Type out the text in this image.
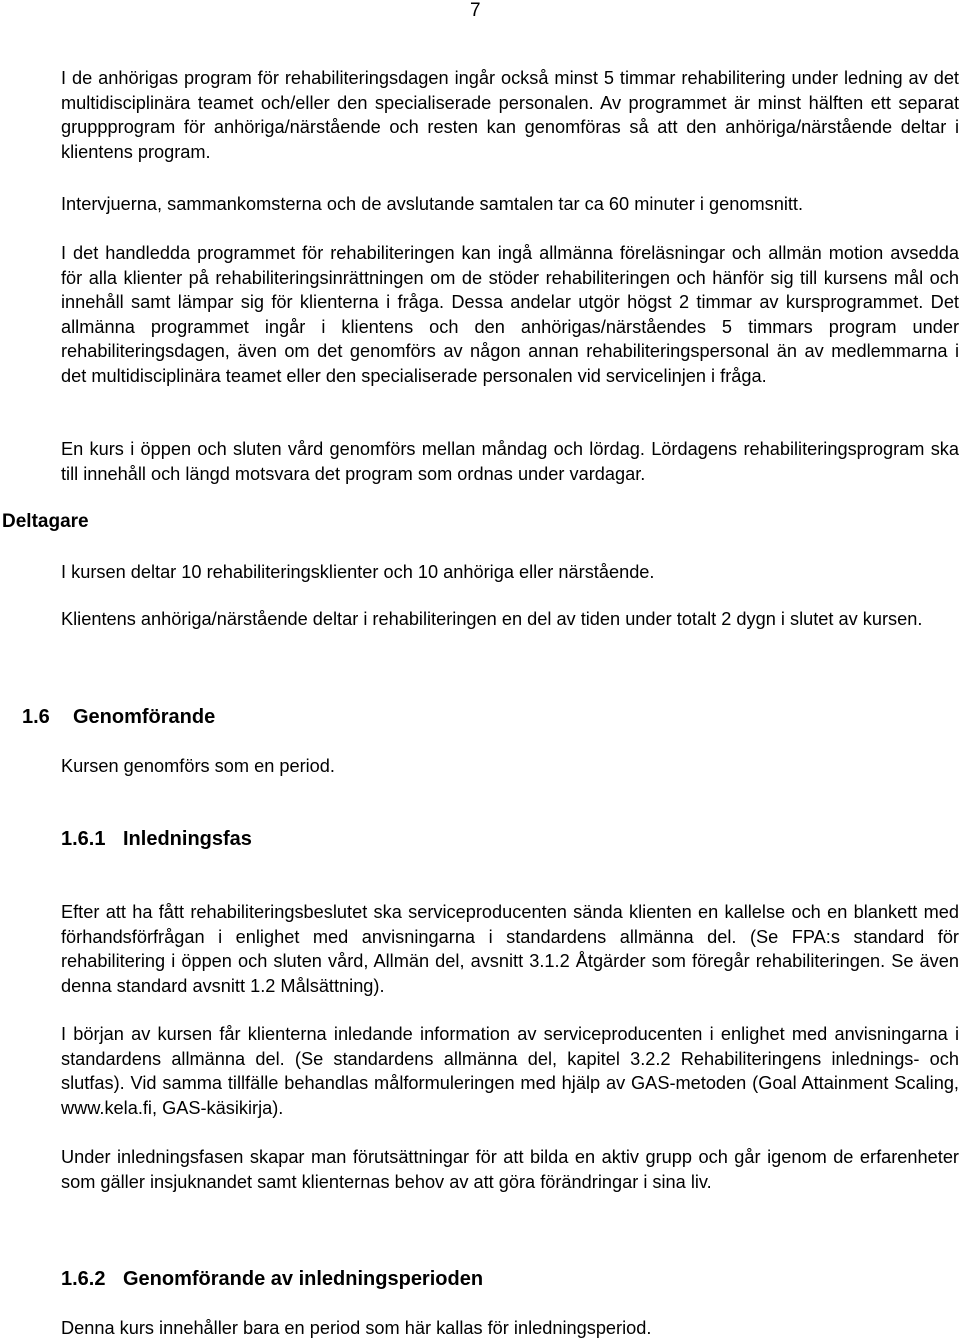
7

I de anhörigas program för rehabiliteringsdagen ingår också minst 5 timmar rehabilitering under ledning av det multidisciplinära teamet och/eller den specialiserade personalen. Av programmet är minst hälften ett separat gruppprogram för anhöriga/närstående och resten kan genomföras så att den anhöriga/närstående deltar i klientens program.

Intervjuerna, sammankomsterna och de avslutande samtalen tar ca 60 minuter i genomsnitt.

I det handledda programmet för rehabiliteringen kan ingå allmänna föreläsningar och allmän motion avsedda för alla klienter på rehabiliteringsinrättningen om de stöder rehabiliteringen och hänför sig till kursens mål och innehåll samt lämpar sig för klienterna i fråga. Dessa andelar utgör högst 2 timmar av kursprogrammet. Det allmänna programmet ingår i klientens och den anhörigas/närståendes 5 timmars program under rehabiliteringsdagen, även om det genomförs av någon annan rehabiliteringspersonal än av medlemmarna i det multidisciplinära teamet eller den specialiserade personalen vid servicelinjen i fråga.

En kurs i öppen och sluten vård genomförs mellan måndag och lördag. Lördagens rehabiliteringsprogram ska till innehåll och längd motsvara det program som ordnas under vardagar.

Deltagare

I kursen deltar 10 rehabiliteringsklienter och 10 anhöriga eller närstående.

Klientens anhöriga/närstående deltar i rehabiliteringen en del av tiden under totalt 2 dygn i slutet av kursen.

1.6 Genomförande

Kursen genomförs som en period.

1.6.1 Inledningsfas

Efter att ha fått rehabiliteringsbeslutet ska serviceproducenten sända klienten en kallelse och en blankett med förhandsförfrågan i enlighet med anvisningarna i standardens allmänna del. (Se FPA:s standard för rehabilitering i öppen och sluten vård, Allmän del, avsnitt 3.1.2 Åtgärder som föregår rehabiliteringen. Se även denna standard avsnitt 1.2 Målsättning).

I början av kursen får klienterna inledande information av serviceproducenten i enlighet med anvisningarna i standardens allmänna del. (Se standardens allmänna del, kapitel 3.2.2 Rehabiliteringens inlednings- och slutfas). Vid samma tillfälle behandlas målformuleringen med hjälp av GAS-metoden (Goal Attainment Scaling, www.kela.fi, GAS-käsikirja).

Under inledningsfasen skapar man förutsättningar för att bilda en aktiv grupp och går igenom de erfarenheter som gäller insjuknandet samt klienternas behov av att göra förändringar i sina liv.

1.6.2 Genomförande av inledningsperioden

Denna kurs innehåller bara en period som här kallas för inledningsperiod.
